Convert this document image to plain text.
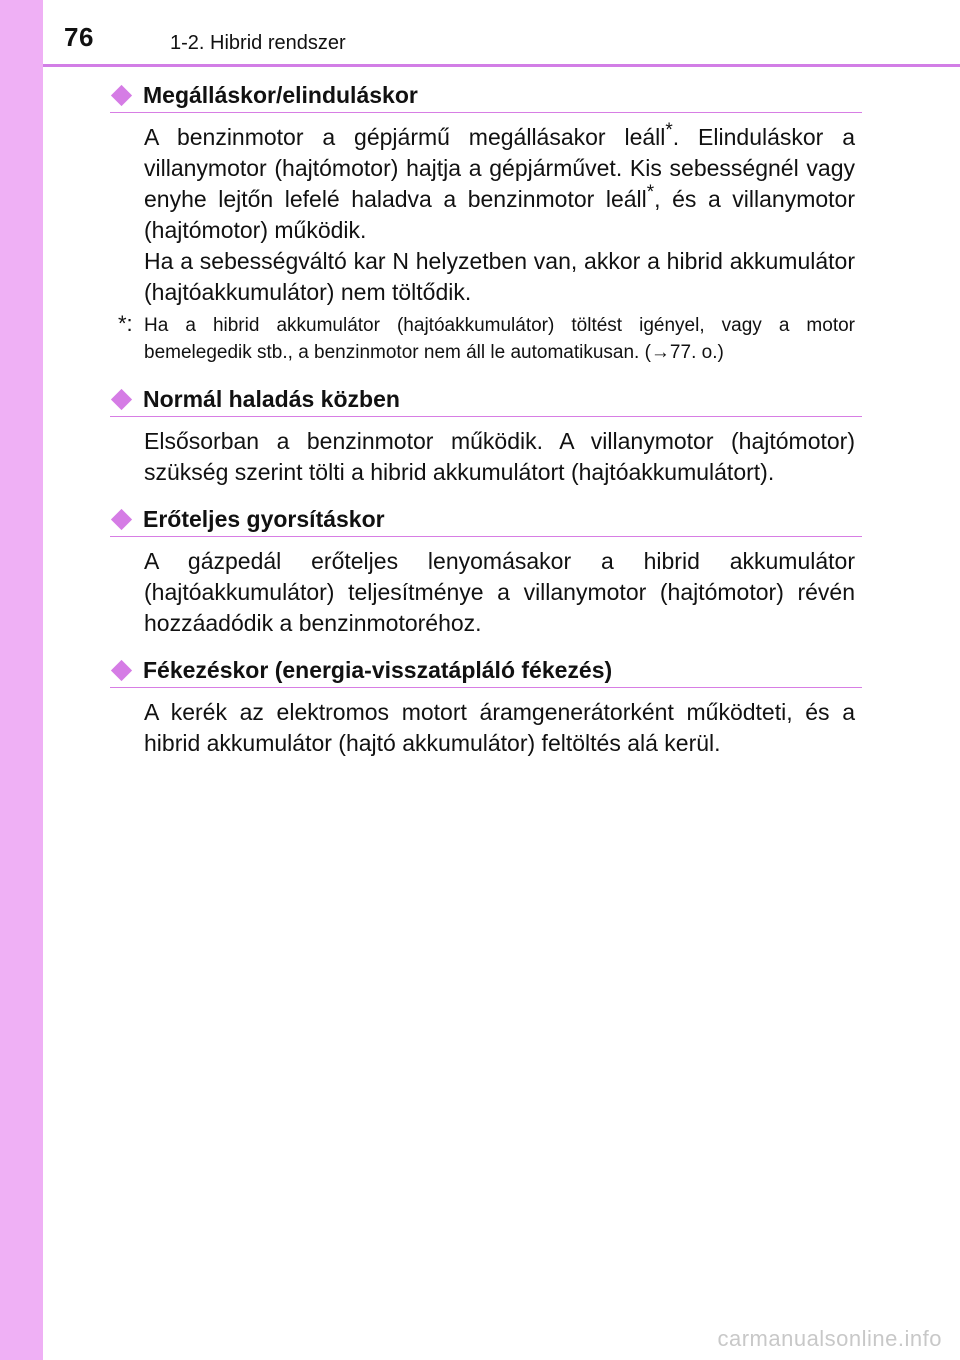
76	1-2. Hibrid rendszer
Megálláskor/elinduláskor

A benzinmotor a gépjármű megállásakor leáll*. Elinduláskor a villanymotor (hajtómotor) hajtja a gépjárművet. Kis sebességnél vagy enyhe lejtőn lefelé haladva a benzinmotor leáll*, és a villanymotor (hajtómotor) működik.

Ha a sebességváltó kar N helyzetben van, akkor a hibrid akkumulátor (hajtóakkumulátor) nem töltődik.

*: Ha a hibrid akkumulátor (hajtóakkumulátor) töltést igényel, vagy a motor bemelegedik stb., a benzinmotor nem áll le automatikusan. (→77. o.)
Normál haladás közben

Elsősorban a benzinmotor működik. A villanymotor (hajtómotor) szükség szerint tölti a hibrid akkumulátort (hajtóakkumulátort).

Erőteljes gyorsításkor

A gázpedál erőteljes lenyomásakor a hibrid akkumulátor (hajtóakkumulátor) teljesítménye a villanymotor (hajtómotor) révén hozzáadódik a benzinmotoréhoz.

Fékezéskor (energia-visszatápláló fékezés)

A kerék az elektromos motort áramgenerátorként működteti, és a hibrid akkumulátor (hajtó akkumulátor) feltöltés alá kerül.

carmanualsonline.info
